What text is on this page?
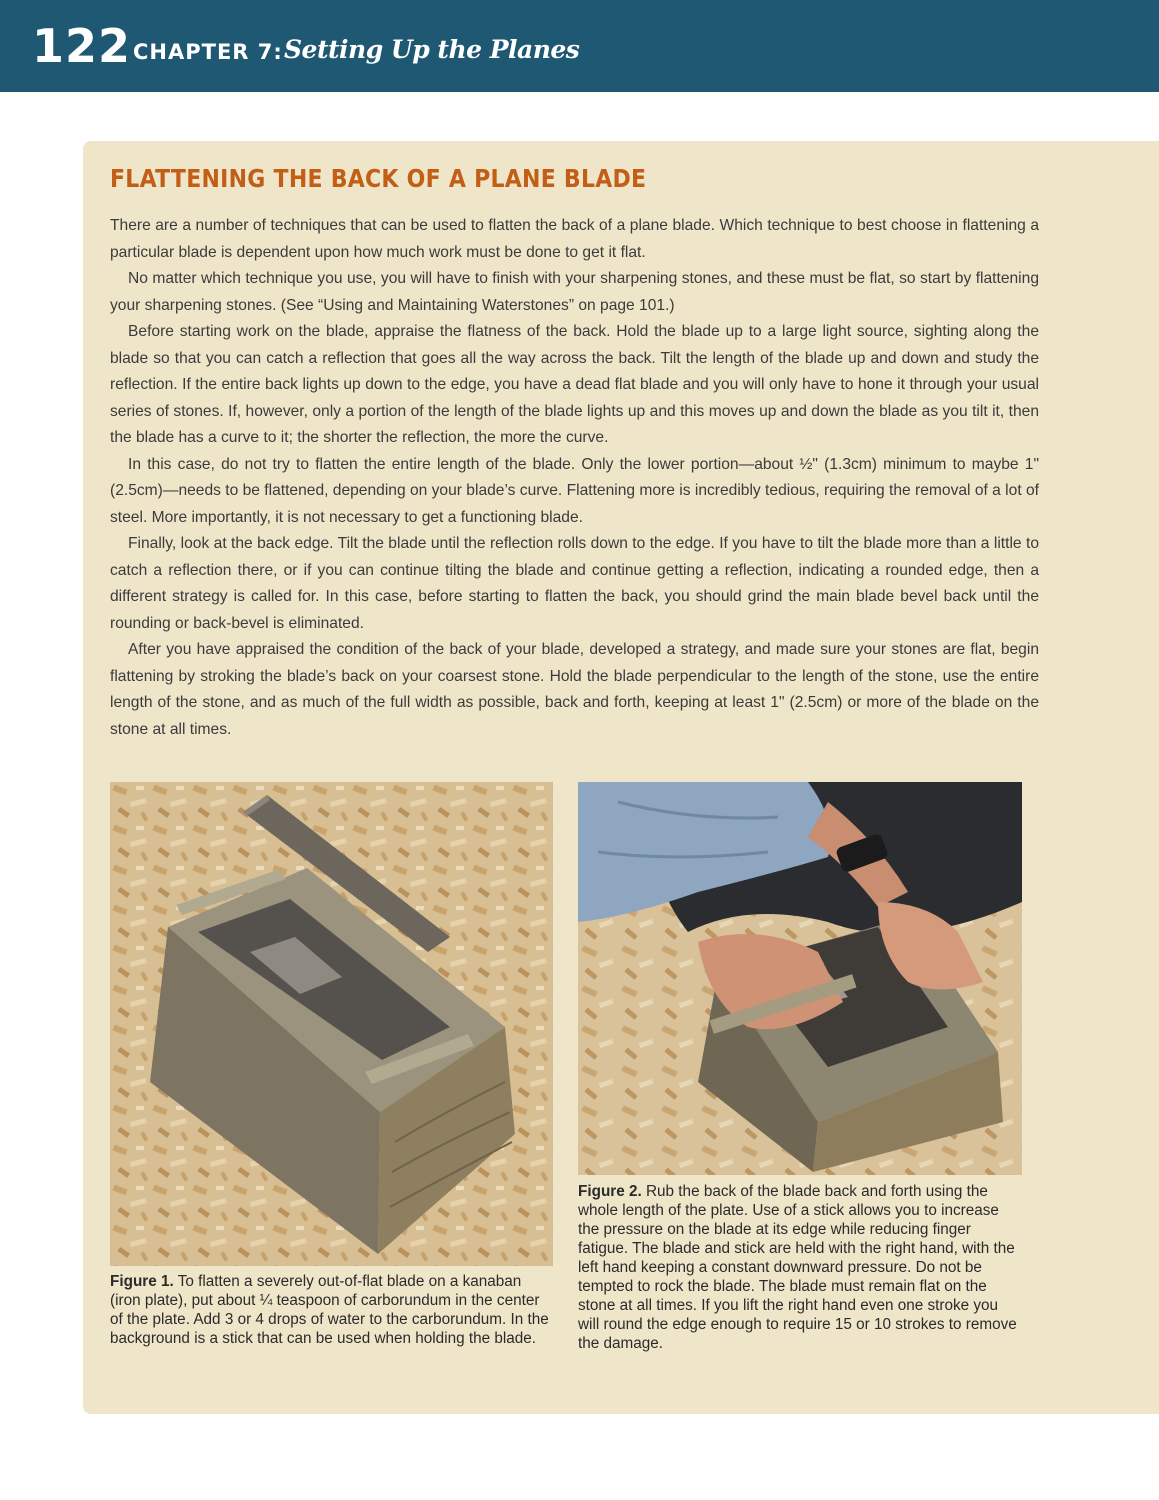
122 CHAPTER 7: Setting Up the Planes
FLATTENING THE BACK OF A PLANE BLADE

There are a number of techniques that can be used to flatten the back of a plane blade. Which technique to best choose in flattening a particular blade is dependent upon how much work must be done to get it flat.

No matter which technique you use, you will have to finish with your sharpening stones, and these must be flat, so start by flattening your sharpening stones. (See “Using and Maintaining Waterstones” on page 101.)

Before starting work on the blade, appraise the flatness of the back. Hold the blade up to a large light source, sighting along the blade so that you can catch a reflection that goes all the way across the back. Tilt the length of the blade up and down and study the reflection. If the entire back lights up down to the edge, you have a dead flat blade and you will only have to hone it through your usual series of stones. If, however, only a portion of the length of the blade lights up and this moves up and down the blade as you tilt it, then the blade has a curve to it; the shorter the reflection, the more the curve.

In this case, do not try to flatten the entire length of the blade. Only the lower portion—about ½" (1.3cm) minimum to maybe 1" (2.5cm)—needs to be flattened, depending on your blade’s curve. Flattening more is incredibly tedious, requiring the removal of a lot of steel. More importantly, it is not necessary to get a functioning blade.

Finally, look at the back edge. Tilt the blade until the reflection rolls down to the edge. If you have to tilt the blade more than a little to catch a reflection there, or if you can continue tilting the blade and continue getting a reflection, indicating a rounded edge, then a different strategy is called for. In this case, before starting to flatten the back, you should grind the main blade bevel back until the rounding or back-bevel is eliminated.

After you have appraised the condition of the back of your blade, developed a strategy, and made sure your stones are flat, begin flattening by stroking the blade’s back on your coarsest stone. Hold the blade perpendicular to the length of the stone, use the entire length of the stone, and as much of the full width as possible, back and forth, keeping at least 1" (2.5cm) or more of the blade on the stone at all times.

Figure 1. To flatten a severely out-of-flat blade on a kanaban (iron plate), put about ¼ teaspoon of carborundum in the center of the plate. Add 3 or 4 drops of water to the carborundum. In the background is a stick that can be used when holding the blade.
Figure 2. Rub the back of the blade back and forth using the whole length of the plate. Use of a stick allows you to increase the pressure on the blade at its edge while reducing finger fatigue. The blade and stick are held with the right hand, with the left hand keeping a constant downward pressure. Do not be tempted to rock the blade. The blade must remain flat on the stone at all times. If you lift the right hand even one stroke you will round the edge enough to require 15 or 10 strokes to remove the damage.
